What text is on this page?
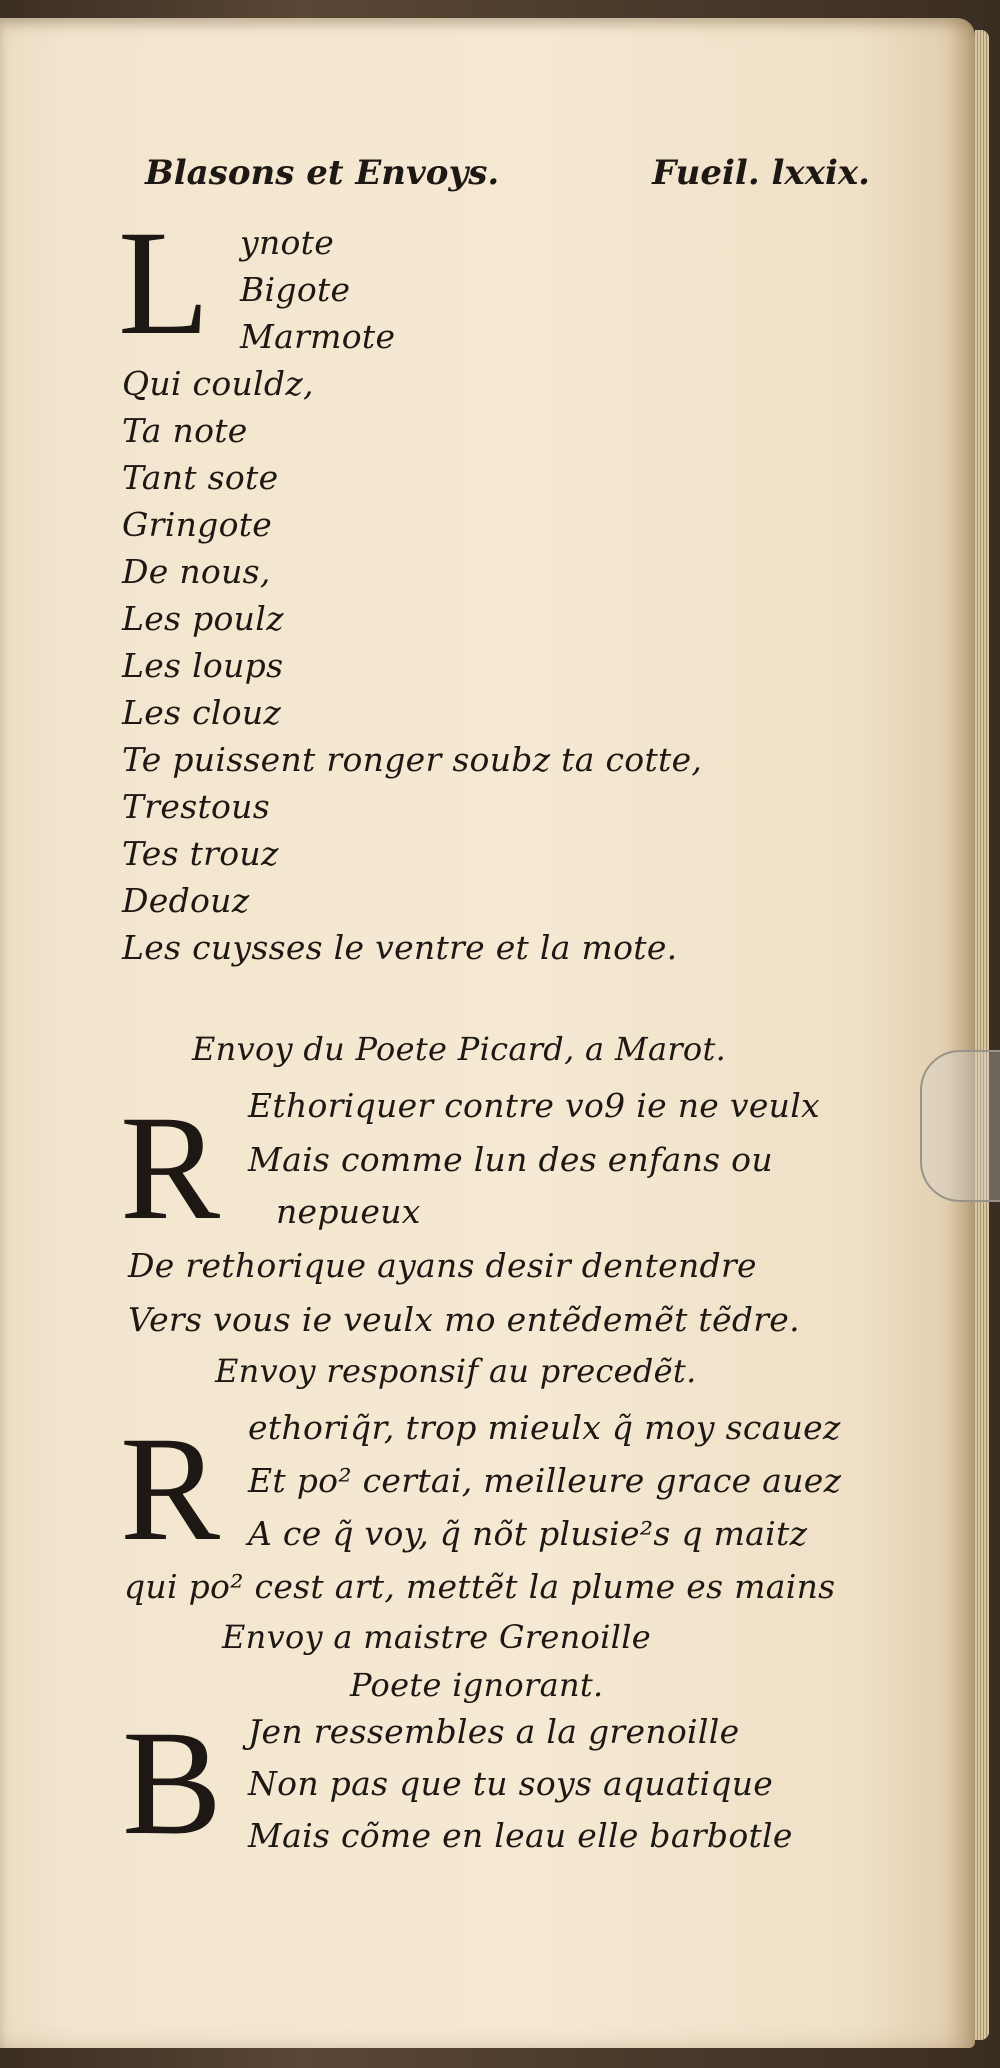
Blasons et Envoys.	Fueil. lxxix.
L ynote
Bigote
Marmote
Qui couldz,
Ta note
Tant sote
Gringote
De nous,
Les poulz
Les loups
Les clouz
Te puissent ronger soubz ta cotte,
Trestous
Tes trouz
Dedouz
Les cuysses le ventre et la mote.
Envoy du Poete Picard, a Marot.
R Ethoriquer contre vo9 ie ne veulx
Mais comme lun des enfans ou
nepueux
De rethorique ayans desir dentendre
Vers vous ie veulx mo entẽdemẽt tẽdre.
Envoy responsif au precedẽt.
R ethoriq̃r, trop mieulx q̃ moy scauez
Et po² certai, meilleure grace auez
A ce q̃ voy, q̃ nõt plusie²s q maitz
qui po² cest art, mettẽt la plume es mains
Envoy a maistre Grenoille
Poete ignorant.
B Jen ressembles a la grenoille
Non pas que tu soys aquatique
Mais cõme en leau elle barbotle
